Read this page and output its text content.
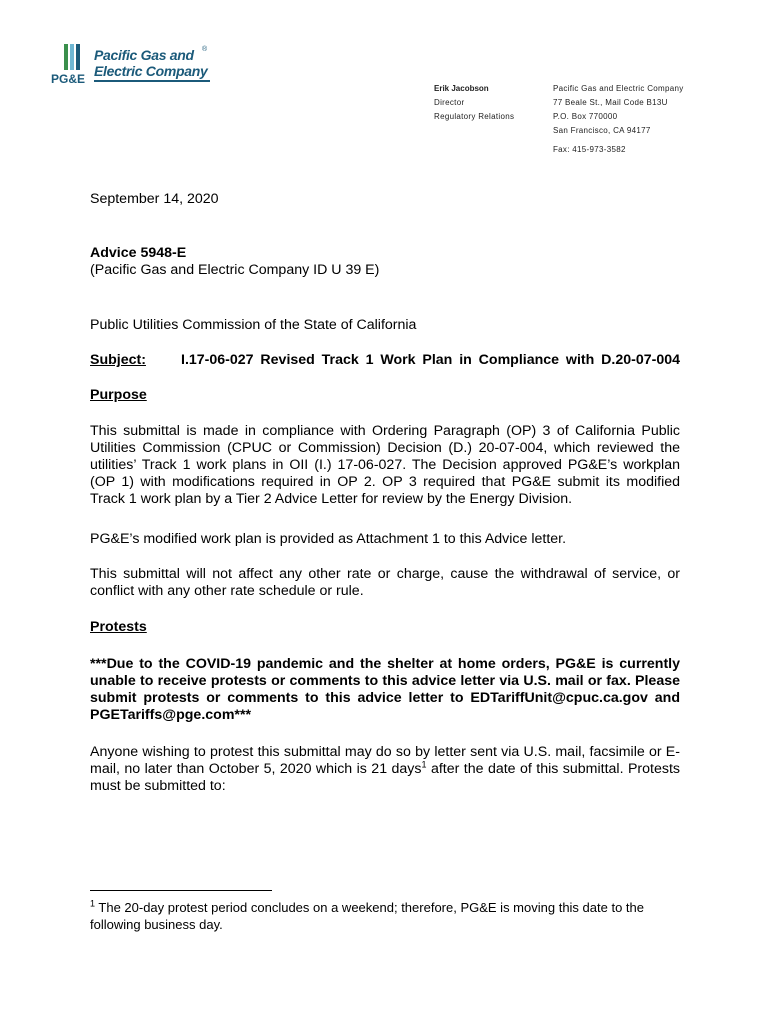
PG&E
Pacific Gas and
Electric Company
®
Erik Jacobson
Director
Regulatory Relations
Pacific Gas and Electric Company
77 Beale St., Mail Code B13U
P.O. Box 770000
San Francisco, CA 94177
Fax: 415-973-3582
September 14, 2020
Advice 5948-E
(Pacific Gas and Electric Company ID U 39 E)
Public Utilities Commission of the State of California
Subject: I.17-06-027 Revised Track 1 Work Plan in Compliance with D.20-07-004
Purpose
This submittal is made in compliance with Ordering Paragraph (OP) 3 of California Public Utilities Commission (CPUC or Commission) Decision (D.) 20-07-004, which reviewed the utilities’ Track 1 work plans in OII (I.) 17-06-027. The Decision approved PG&E’s workplan (OP 1) with modifications required in OP 2. OP 3 required that PG&E submit its modified Track 1 work plan by a Tier 2 Advice Letter for review by the Energy Division.
PG&E’s modified work plan is provided as Attachment 1 to this Advice letter.
This submittal will not affect any other rate or charge, cause the withdrawal of service, or conflict with any other rate schedule or rule.
Protests
***Due to the COVID-19 pandemic and the shelter at home orders, PG&E is currently unable to receive protests or comments to this advice letter via U.S. mail or fax. Please submit protests or comments to this advice letter to EDTariffUnit@cpuc.ca.gov and PGETariffs@pge.com***
Anyone wishing to protest this submittal may do so by letter sent via U.S. mail, facsimile or E-mail, no later than October 5, 2020 which is 21 days$^1$ after the date of this submittal. Protests must be submitted to:
$^1$ The 20-day protest period concludes on a weekend; therefore, PG&E is moving this date to the following business day.
